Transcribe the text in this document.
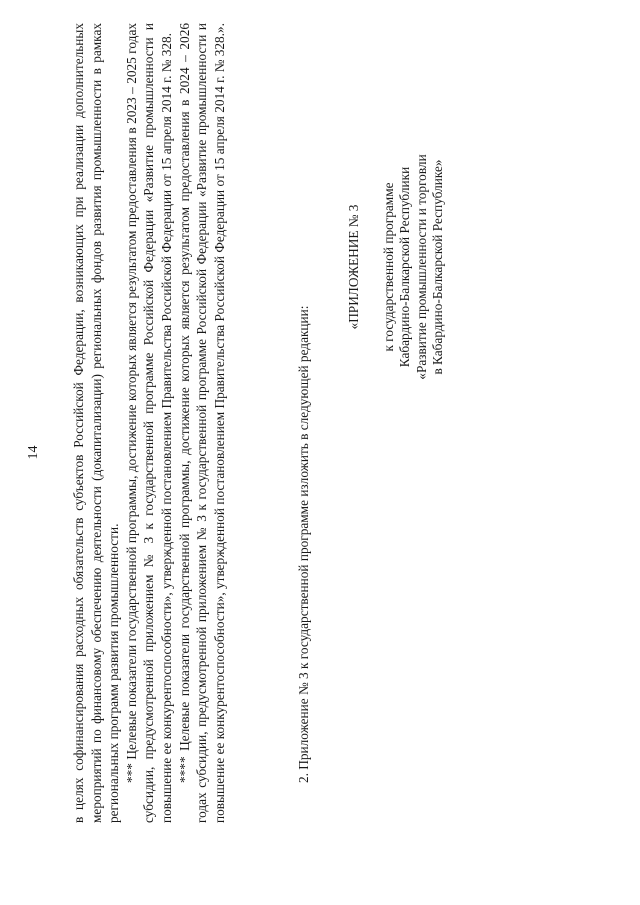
14 в целях софинансирования расходных обязательств субъектов Российской Федерации, возникающих при реализации дополнительных мероприятий по финансовому обеспечению деятельности (докапитализации) региональных фондов развития промышленности в рамках региональных программ развития промышленности. *** Целевые показатели государственной программы, достижение которых является результатом предоставления в 2023 – 2025 годах субсидии, предусмотренной приложением № 3 к государственной программе Российской Федерации «Развитие промышленности и повышение ее конкурентоспособности», утвержденной постановлением Правительства Российской Федерации от 15 апреля 2014 г. № 328. **** Целевые показатели государственной программы, достижение которых является результатом предоставления в 2024 – 2026 годах субсидии, предусмотренной приложением № 3 к государственной программе Российской Федерации «Развитие промышленности и повышение ее конкурентоспособности», утвержденной постановлением Правительства Российской Федерации от 15 апреля 2014 г. № 328.».	2. Приложение № 3 к государственной программе изложить в следующей редакции:

«ПРИЛОЖЕНИЕ № 3 к государственной программе Кабардино-Балкарской Республики «Развитие промышленности и торговли в Кабардино-Балкарской Республике»
